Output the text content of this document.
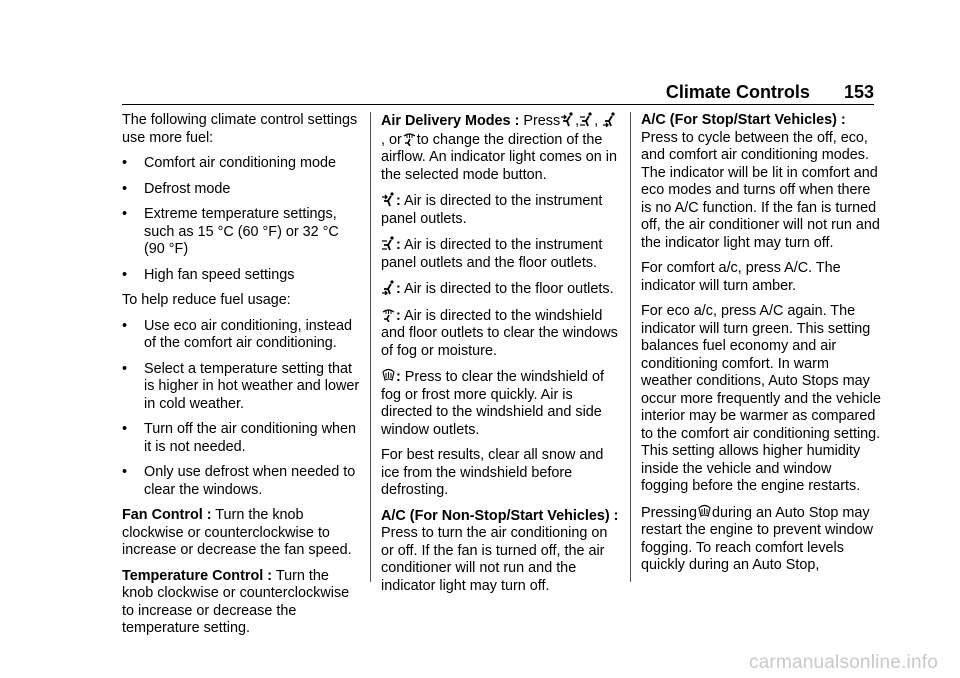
Climate Controls 153

The following climate control settings use more fuel:

•	Comfort air conditioning mode
•	Defrost mode
•	Extreme temperature settings, such as 15 °C (60 °F) or 32 °C (90 °F)
•	High fan speed settings

To help reduce fuel usage:

•	Use eco air conditioning, instead of the comfort air conditioning.
•	Select a temperature setting that is higher in hot weather and lower in cold weather.
•	Turn off the air conditioning when it is not needed.
•	Only use defrost when needed to clear the windows.

Fan Control : Turn the knob clockwise or counterclockwise to increase or decrease the fan speed.

Temperature Control : Turn the knob clockwise or counterclockwise to increase or decrease the temperature setting.

Air Delivery Modes : Press , ,
, or to change the direction of the airflow. An indicator light comes on in the selected mode button.

: Air is directed to the instrument panel outlets.

: Air is directed to the instrument panel outlets and the floor outlets.

: Air is directed to the floor outlets.

: Air is directed to the windshield and floor outlets to clear the windows of fog or moisture.

: Press to clear the windshield of fog or frost more quickly. Air is directed to the windshield and side window outlets.

For best results, clear all snow and ice from the windshield before defrosting.

A/C (For Non-Stop/Start Vehicles) : Press to turn the air conditioning on or off. If the fan is turned off, the air conditioner will not run and the indicator light may turn off.

A/C (For Stop/Start Vehicles) :
Press to cycle between the off, eco, and comfort air conditioning modes. The indicator will be lit in comfort and eco modes and turns off when there is no A/C function. If the fan is turned off, the air conditioner will not run and the indicator light may turn off.

For comfort a/c, press A/C. The indicator will turn amber.

For eco a/c, press A/C again. The indicator will turn green. This setting balances fuel economy and air conditioning comfort. In warm weather conditions, Auto Stops may occur more frequently and the vehicle interior may be warmer as compared to the comfort air conditioning setting. This setting allows higher humidity inside the vehicle and window fogging before the engine restarts.

Pressing during an Auto Stop may restart the engine to prevent window fogging. To reach comfort levels quickly during an Auto Stop,

carmanualsonline.info
